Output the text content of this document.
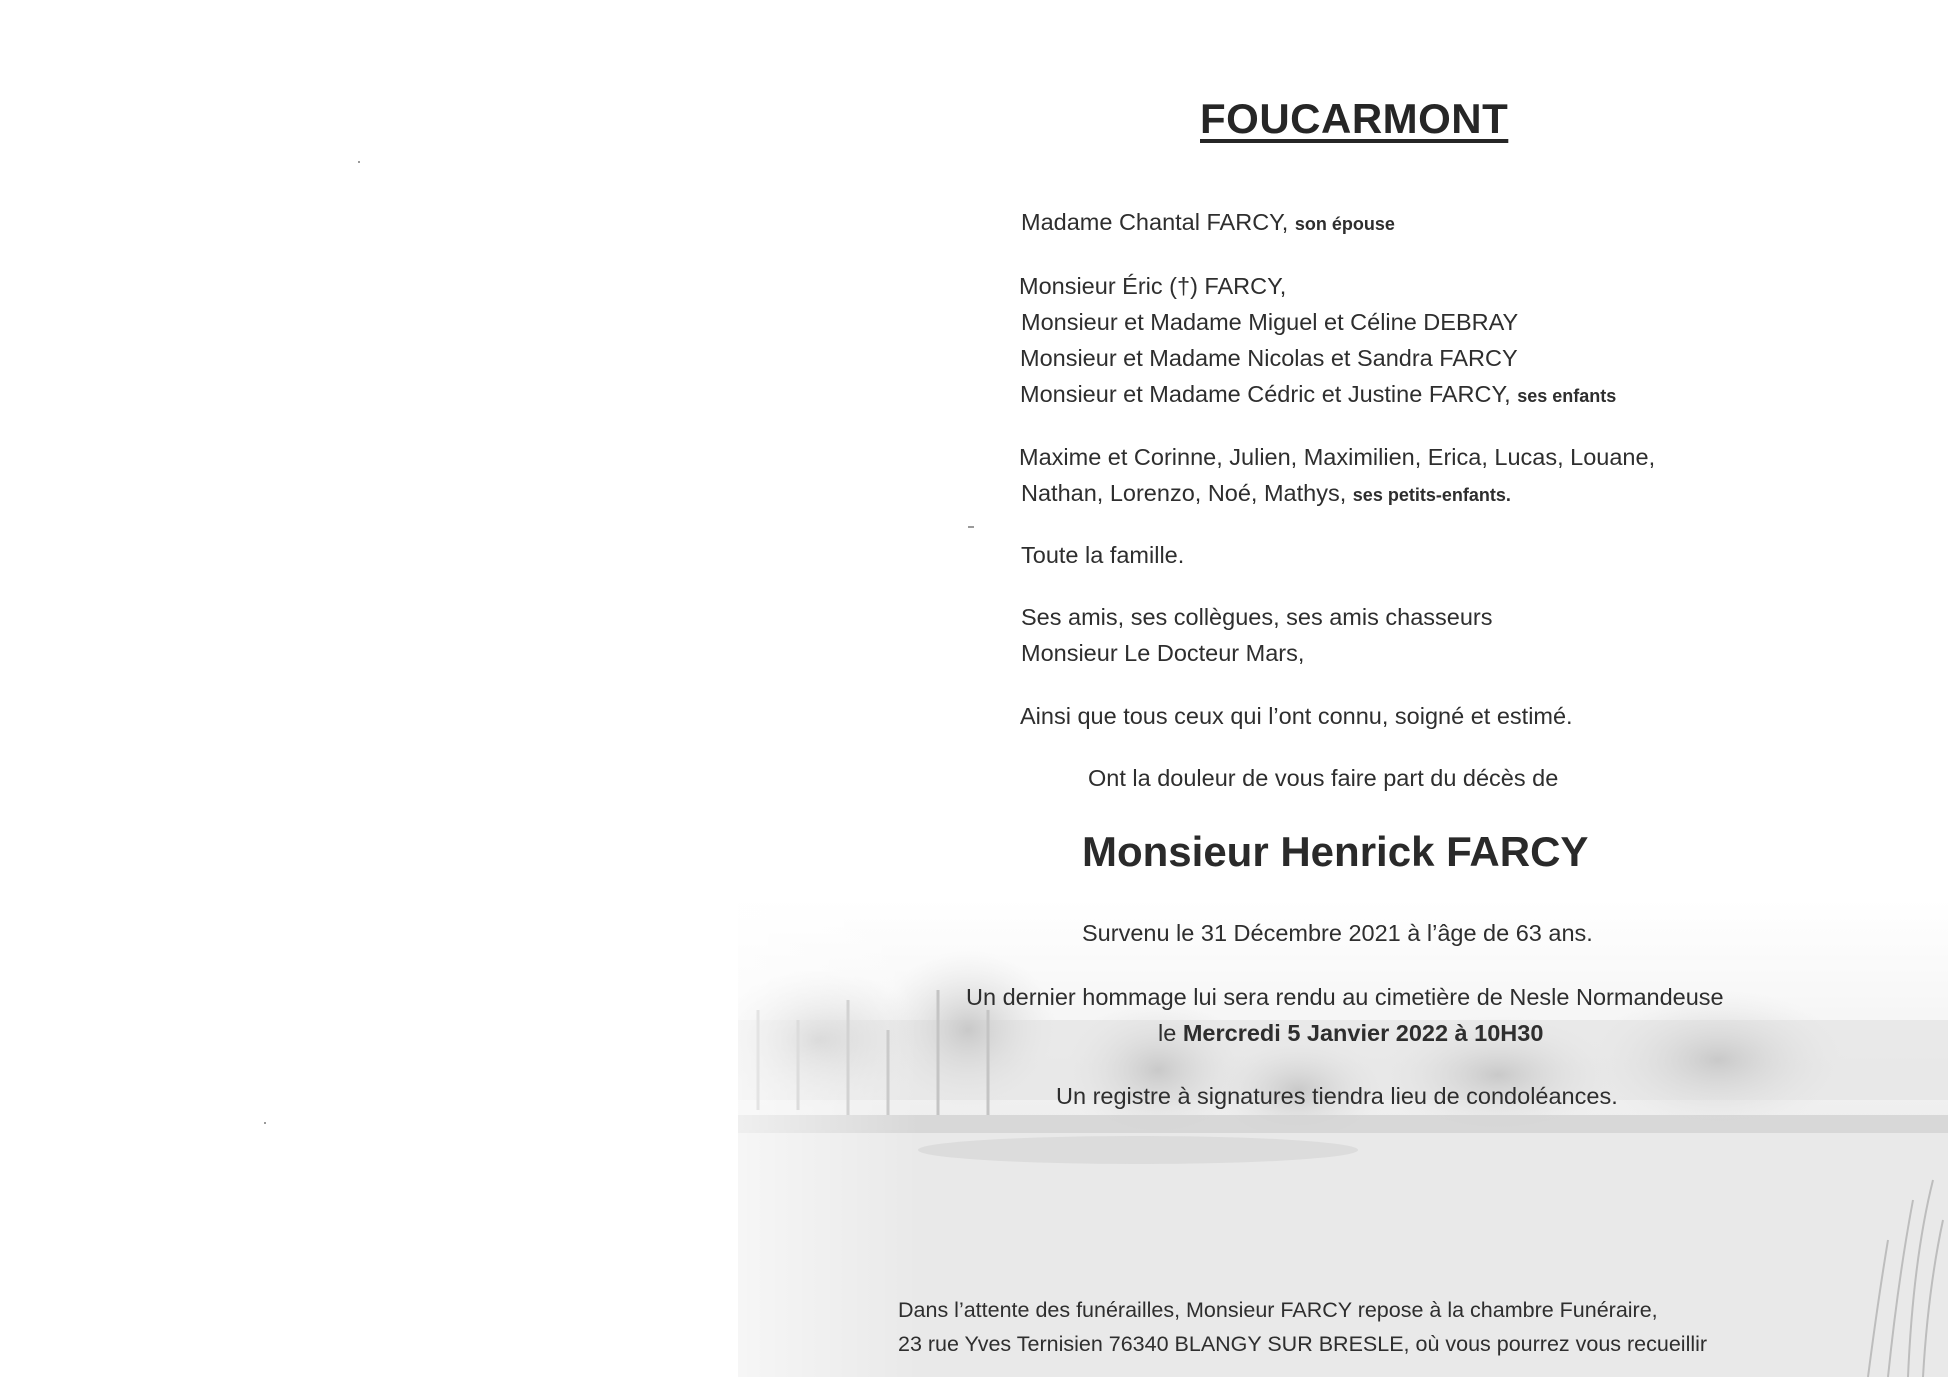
FOUCARMONT
Madame Chantal FARCY, son épouse
Monsieur Éric (†) FARCY,
Monsieur et Madame Miguel et Céline DEBRAY
Monsieur et Madame Nicolas et Sandra FARCY
Monsieur et Madame Cédric et Justine FARCY, ses enfants
Maxime et Corinne, Julien, Maximilien, Erica, Lucas, Louane,
Nathan, Lorenzo, Noé, Mathys, ses petits-enfants.
Toute la famille.
Ses amis, ses collègues, ses amis chasseurs
Monsieur Le Docteur Mars,
Ainsi que tous ceux qui l’ont connu, soigné et estimé.
Ont la douleur de vous faire part du décès de
Monsieur Henrick FARCY
Survenu le 31 Décembre 2021 à l’âge de 63 ans.
Un dernier hommage lui sera rendu au cimetière de Nesle Normandeuse
le Mercredi 5 Janvier 2022 à 10H30
Un registre à signatures tiendra lieu de condoléances.
Dans l’attente des funérailles, Monsieur FARCY repose à la chambre Funéraire,
23 rue Yves Ternisien 76340 BLANGY SUR BRESLE, où vous pourrez vous recueillir
